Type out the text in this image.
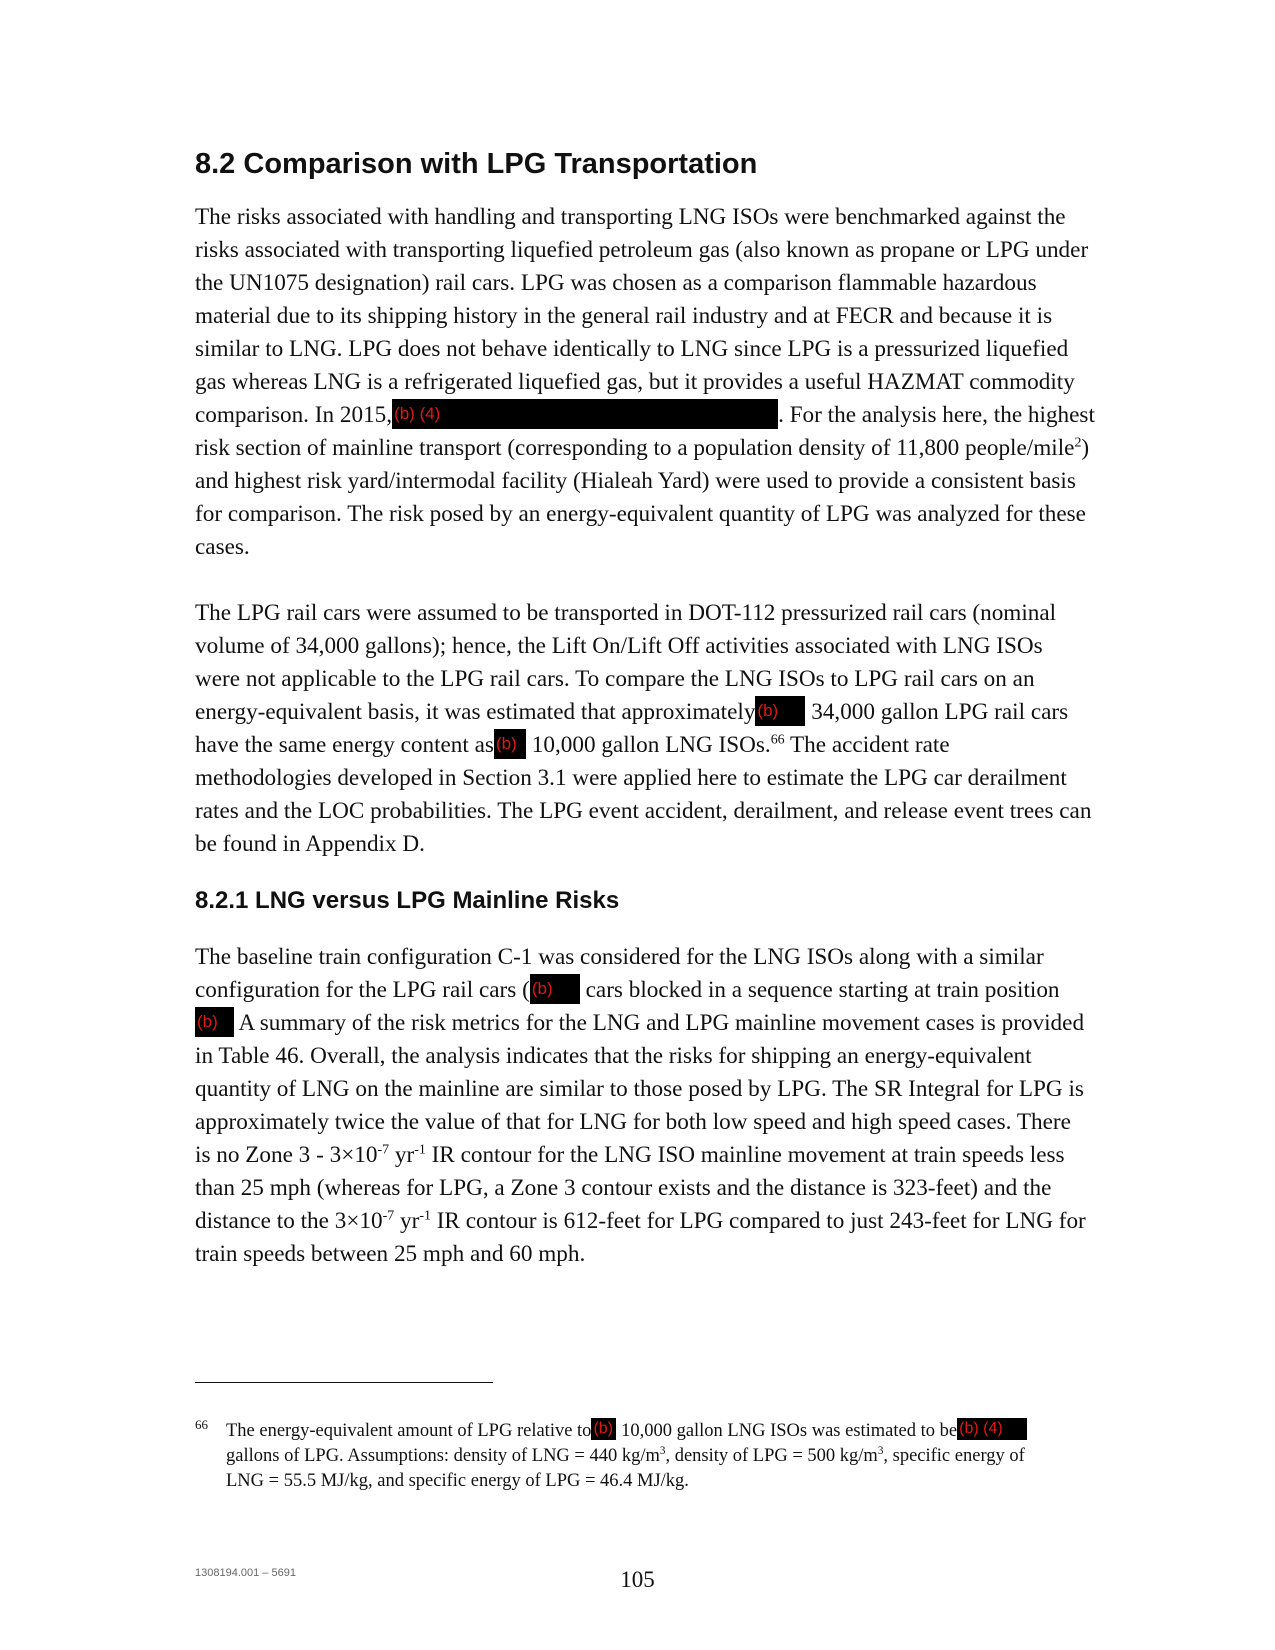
8.2 Comparison with LPG Transportation
The risks associated with handling and transporting LNG ISOs were benchmarked against the
risks associated with transporting liquefied petroleum gas (also known as propane or LPG under
the UN1075 designation) rail cars. LPG was chosen as a comparison flammable hazardous
material due to its shipping history in the general rail industry and at FECR and because it is
similar to LNG. LPG does not behave identically to LNG since LPG is a pressurized liquefied
gas whereas LNG is a refrigerated liquefied gas, but it provides a useful HAZMAT commodity
comparison. In 2015, (b) (4)	. For the analysis here, the highest
risk section of mainline transport (corresponding to a population density of 11,800 people/mile$^2$)
and highest risk yard/intermodal facility (Hialeah Yard) were used to provide a consistent basis
for comparison. The risk posed by an energy-equivalent quantity of LPG was analyzed for these
cases.
The LPG rail cars were assumed to be transported in DOT-112 pressurized rail cars (nominal
volume of 34,000 gallons); hence, the Lift On/Lift Off activities associated with LNG ISOs
were not applicable to the LPG rail cars. To compare the LNG ISOs to LPG rail cars on an
energy-equivalent basis, it was estimated that approximately (b) 34,000 gallon LPG rail cars
have the same energy content as (b) 10,000 gallon LNG ISOs.$^{66}$ The accident rate
methodologies developed in Section 3.1 were applied here to estimate the LPG car derailment
rates and the LOC probabilities. The LPG event accident, derailment, and release event trees can
be found in Appendix D.
8.2.1 LNG versus LPG Mainline Risks
The baseline train configuration C-1 was considered for the LNG ISOs along with a similar
configuration for the LPG rail cars ( (b) cars blocked in a sequence starting at train position
(b) A summary of the risk metrics for the LNG and LPG mainline movement cases is provided
in Table 46. Overall, the analysis indicates that the risks for shipping an energy-equivalent
quantity of LNG on the mainline are similar to those posed by LPG. The SR Integral for LPG is
approximately twice the value of that for LNG for both low speed and high speed cases. There
is no Zone $3 - 3\times 10^{-7}$ $yr^{-1}$ IR contour for the LNG ISO mainline movement at train speeds less
than 25 mph (whereas for LPG, a Zone 3 contour exists and the distance is 323-feet) and the
distance to the $3\times 10^{-7}$ $yr^{-1}$ IR contour is 612-feet for LPG compared to just 243-feet for LNG for
train speeds between 25 mph and 60 mph.
66 The energy-equivalent amount of LPG relative to (b) 10,000 gallon LNG ISOs was estimated to be (b) (4)
gallons of LPG. Assumptions: density of LNG = 440 $kg/m^3$, density of LPG = 500 $kg/m^3$, specific energy of
LNG = 55.5 MJ/kg, and specific energy of LPG = 46.4 MJ/kg.
1308194.001 – 5691	105
